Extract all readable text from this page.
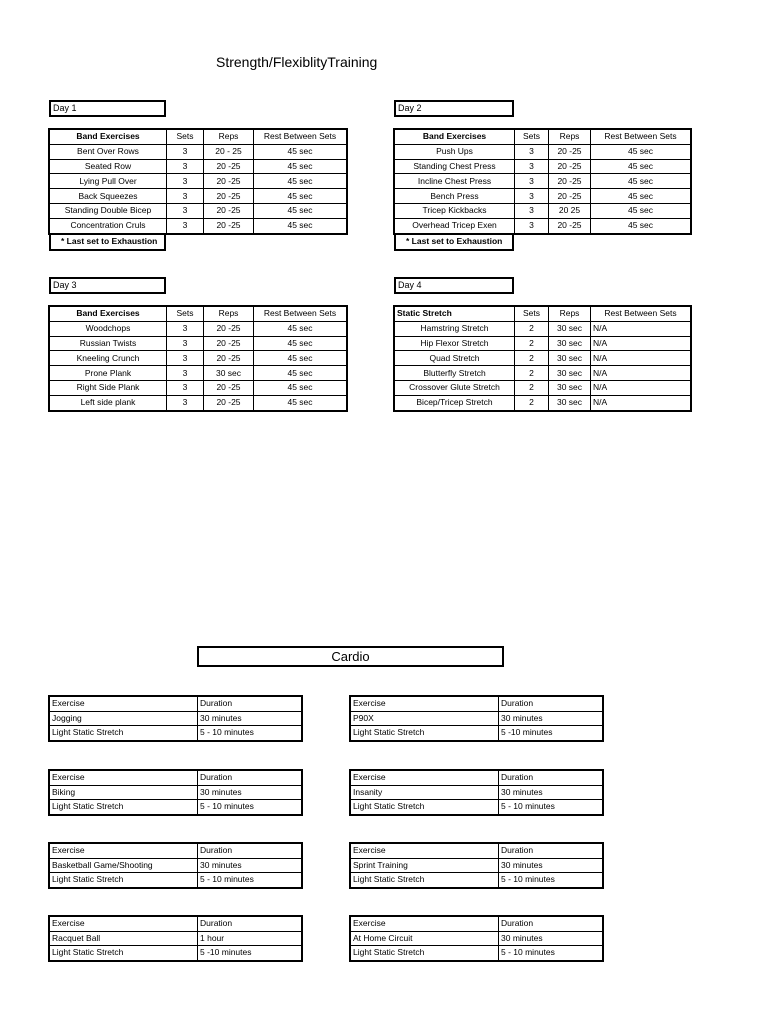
Strength/FlexiblityTraining
Day 1
Band Exercises	Sets	Reps	Rest Between Sets
Bent Over Rows	3	20 - 25	45 sec
Seated Row	3	20 -25	45 sec
Lying Pull Over	3	20 -25	45 sec
Back Squeezes	3	20 -25	45 sec
Standing Double Bicep	3	20 -25	45 sec
Concentration Cruls	3	20 -25	45 sec
* Last set to Exhaustion
Day 2
Band Exercises	Sets	Reps	Rest Between Sets
Push Ups	3	20 -25	45 sec
Standing Chest Press	3	20 -25	45 sec
Incline Chest Press	3	20 -25	45 sec
Bench Press	3	20 -25	45 sec
Tricep Kickbacks	3	20 25	45 sec
Overhead Tricep Exen	3	20 -25	45 sec
* Last set to Exhaustion
Day 3
Band Exercises	Sets	Reps	Rest Between Sets
Woodchops	3	20 -25	45 sec
Russian Twists	3	20 -25	45 sec
Kneeling Crunch	3	20 -25	45 sec
Prone Plank	3	30 sec	45 sec
Right Side Plank	3	20 -25	45 sec
Left side plank	3	20 -25	45 sec
Day 4
Static Stretch	Sets	Reps	Rest Between Sets
Hamstring Stretch	2	30 sec	N/A
Hip Flexor Stretch	2	30 sec	N/A
Quad Stretch	2	30 sec	N/A
Blutterfly Stretch	2	30 sec	N/A
Crossover Glute Stretch	2	30 sec	N/A
Bicep/Tricep Stretch	2	30 sec	N/A
Cardio
Exercise	Duration
Jogging	30 minutes
Light Static Stretch	5 - 10 minutes
Exercise	Duration
P90X	30 minutes
Light Static Stretch	5 -10 minutes
Exercise	Duration
Biking	30 minutes
Light Static Stretch	5 - 10 minutes
Exercise	Duration
Insanity	30 minutes
Light Static Stretch	5 - 10 minutes
Exercise	Duration
Basketball Game/Shooting	30 minutes
Light Static Stretch	5 - 10 minutes
Exercise	Duration
Sprint Training	30 minutes
Light Static Stretch	5 - 10 minutes
Exercise	Duration
Racquet Ball	1 hour
Light Static Stretch	5 -10 minutes
Exercise	Duration
At Home Circuit	30 minutes
Light Static Stretch	5 - 10 minutes
